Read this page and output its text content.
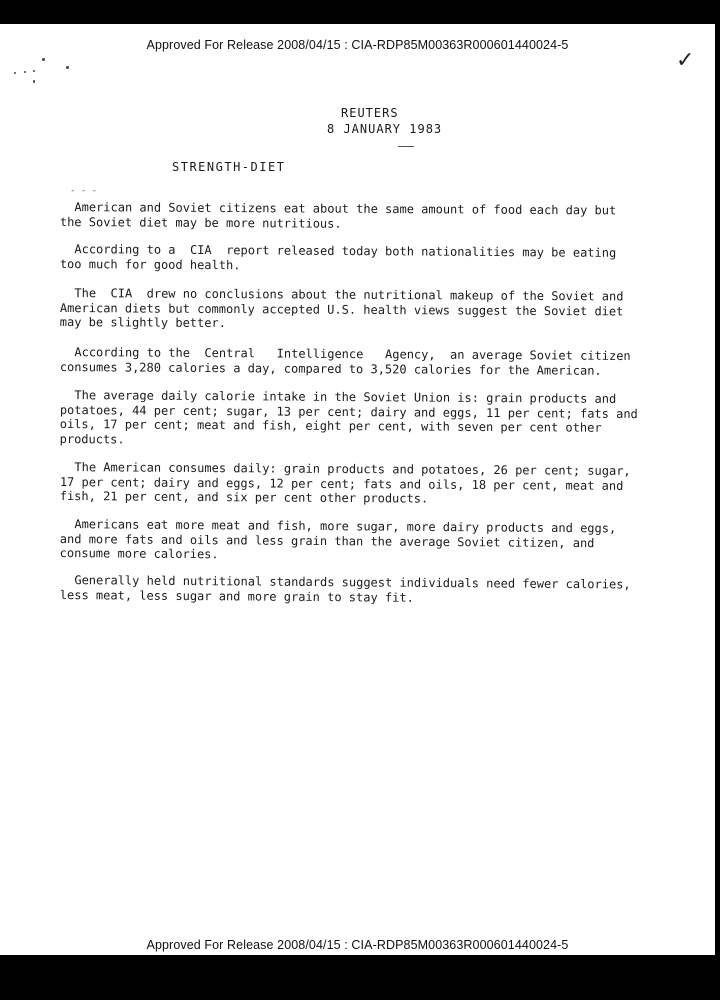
Approved For Release 2008/04/15 : CIA-RDP85M00363R000601440024-5
✓
REUTERS
8 JANUARY 1983
STRENGTH-DIET
- - -
American and Soviet citizens eat about the same amount of food each day but
the Soviet diet may be more nutritious.
According to a  CIA  report released today both nationalities may be eating
too much for good health.
The  CIA  drew no conclusions about the nutritional makeup of the Soviet and
American diets but commonly accepted U.S. health views suggest the Soviet diet
may be slightly better.
According to the  Central   Intelligence   Agency,  an average Soviet citizen
consumes 3,280 calories a day, compared to 3,520 calories for the American.
The average daily calorie intake in the Soviet Union is: grain products and
potatoes, 44 per cent; sugar, 13 per cent; dairy and eggs, 11 per cent; fats and
oils, 17 per cent; meat and fish, eight per cent, with seven per cent other
products.
The American consumes daily: grain products and potatoes, 26 per cent; sugar,
17 per cent; dairy and eggs, 12 per cent; fats and oils, 18 per cent, meat and
fish, 21 per cent, and six per cent other products.
Americans eat more meat and fish, more sugar, more dairy products and eggs,
and more fats and oils and less grain than the average Soviet citizen, and
consume more calories.
Generally held nutritional standards suggest individuals need fewer calories,
less meat, less sugar and more grain to stay fit.
Approved For Release 2008/04/15 : CIA-RDP85M00363R000601440024-5
